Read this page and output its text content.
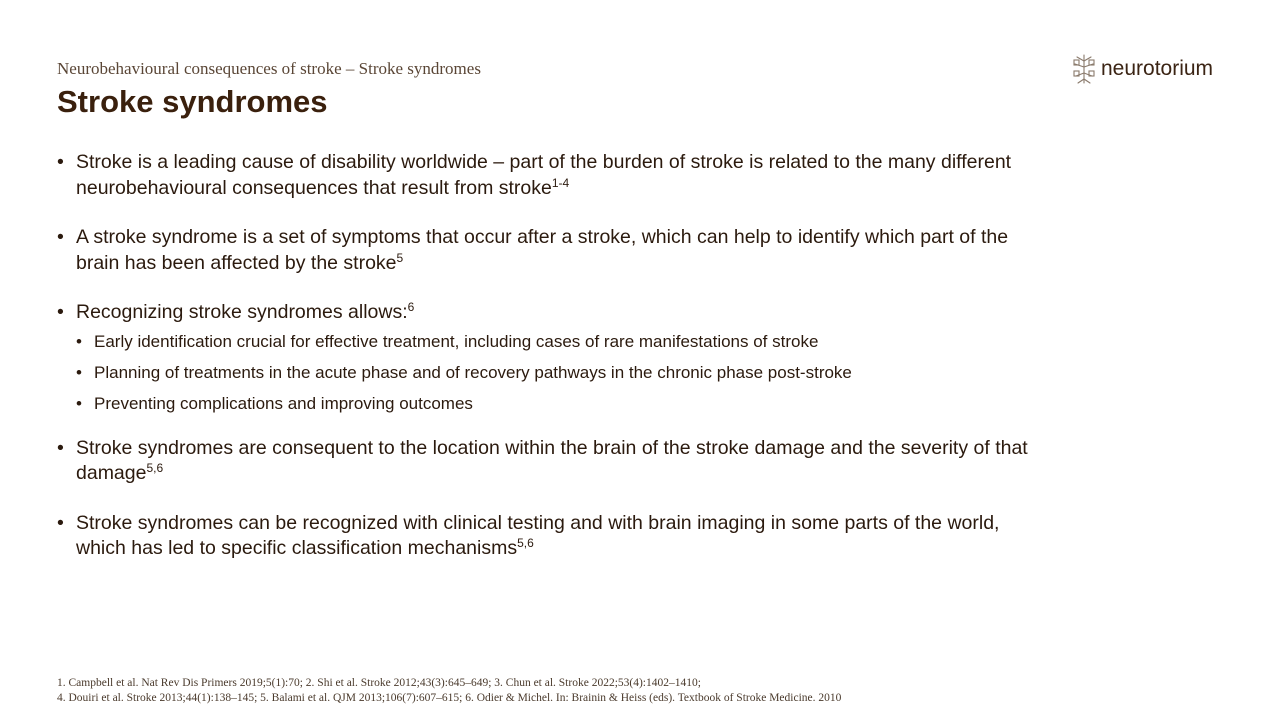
Neurobehavioural consequences of stroke – Stroke syndromes
Stroke syndromes
neurotorium
• Stroke is a leading cause of disability worldwide – part of the burden of stroke is related to the many different neurobehavioural consequences that result from stroke$^{1-4}$
• A stroke syndrome is a set of symptoms that occur after a stroke, which can help to identify which part of the brain has been affected by the stroke$^5$
• Recognizing stroke syndromes allows:$^6$
• Early identification crucial for effective treatment, including cases of rare manifestations of stroke
• Planning of treatments in the acute phase and of recovery pathways in the chronic phase post-stroke
• Preventing complications and improving outcomes
• Stroke syndromes are consequent to the location within the brain of the stroke damage and the severity of that damage$^{5,6}$
• Stroke syndromes can be recognized with clinical testing and with brain imaging in some parts of the world, which has led to specific classification mechanisms$^{5,6}$
1. Campbell et al. Nat Rev Dis Primers 2019;5(1):70; 2. Shi et al. Stroke 2012;43(3):645–649; 3. Chun et al. Stroke 2022;53(4):1402–1410;
4. Douiri et al. Stroke 2013;44(1):138–145; 5. Balami et al. QJM 2013;106(7):607–615; 6. Odier & Michel. In: Brainin & Heiss (eds). Textbook of Stroke Medicine. 2010
